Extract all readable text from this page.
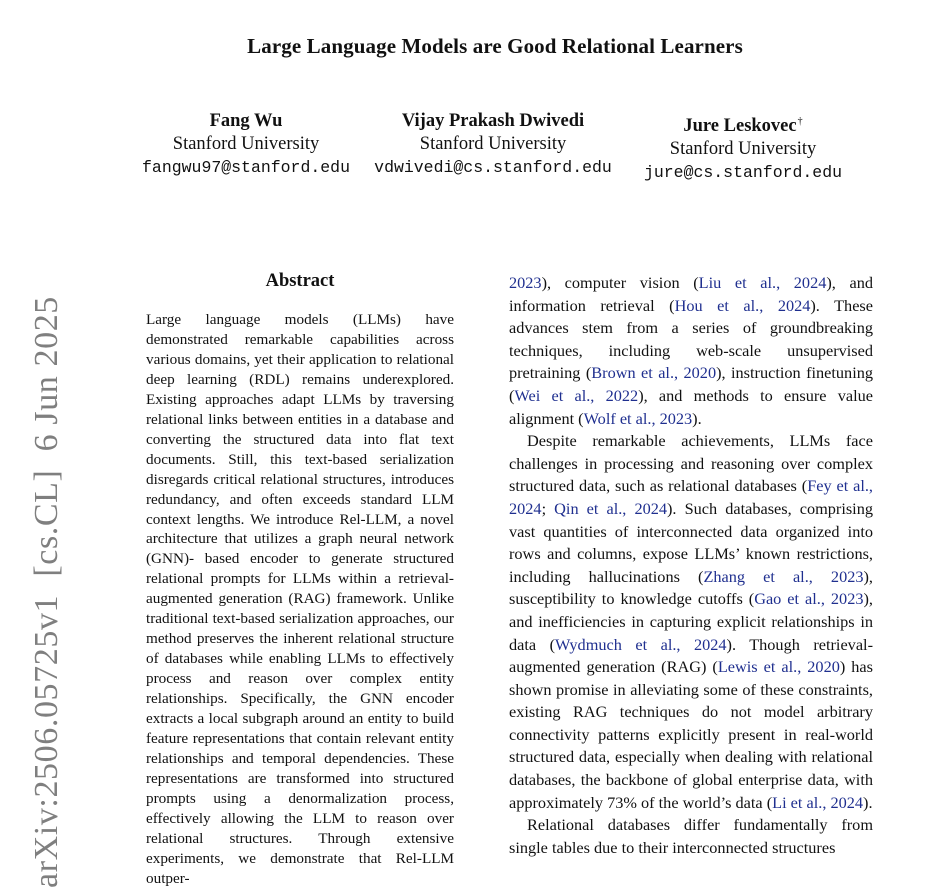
Large Language Models are Good Relational Learners
Fang Wu
Stanford University
fangwu97@stanford.edu
Vijay Prakash Dwivedi
Stanford University
vdwivedi@cs.stanford.edu
Jure Leskovec†
Stanford University
jure@cs.stanford.edu
arXiv:2506.05725v1  [cs.CL]  6 Jun 2025
Abstract
Large language models (LLMs) have demonstrated remarkable capabilities across various domains, yet their application to relational deep learning (RDL) remains underexplored. Existing approaches adapt LLMs by traversing relational links between entities in a database and converting the structured data into flat text documents. Still, this text-based serialization disregards critical relational structures, introduces redundancy, and often exceeds standard LLM context lengths. We introduce Rel-LLM, a novel architecture that utilizes a graph neural network (GNN)- based encoder to generate structured relational prompts for LLMs within a retrieval-augmented generation (RAG) framework. Unlike traditional text-based serialization approaches, our method preserves the inherent relational structure of databases while enabling LLMs to effectively process and reason over complex entity relationships. Specifically, the GNN encoder extracts a local subgraph around an entity to build feature representations that contain relevant entity relationships and temporal dependencies. These representations are transformed into structured prompts using a denormalization process, effectively allowing the LLM to reason over relational structures. Through extensive experiments, we demonstrate that Rel-LLM outper-

2023), computer vision (Liu et al., 2024), and information retrieval (Hou et al., 2024). These advances stem from a series of groundbreaking techniques, including web-scale unsupervised pretraining (Brown et al., 2020), instruction finetuning (Wei et al., 2022), and methods to ensure value alignment (Wolf et al., 2023).

Despite remarkable achievements, LLMs face challenges in processing and reasoning over complex structured data, such as relational databases (Fey et al., 2024; Qin et al., 2024). Such databases, comprising vast quantities of interconnected data organized into rows and columns, expose LLMs’ known restrictions, including hallucinations (Zhang et al., 2023), susceptibility to knowledge cutoffs (Gao et al., 2023), and inefficiencies in capturing explicit relationships in data (Wydmuch et al., 2024). Though retrieval-augmented generation (RAG) (Lewis et al., 2020) has shown promise in alleviating some of these constraints, existing RAG techniques do not model arbitrary connectivity patterns explicitly present in real-world structured data, especially when dealing with relational databases, the backbone of global enterprise data, with approximately 73% of the world’s data (Li et al., 2024).

Relational databases differ fundamentally from single tables due to their interconnected structures
